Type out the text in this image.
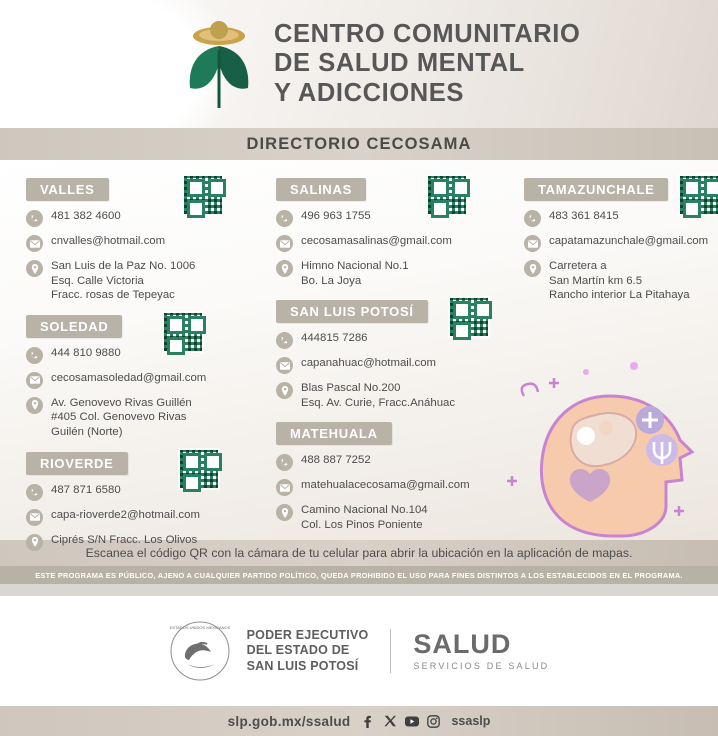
CENTRO COMUNITARIO
DE SALUD MENTAL
Y ADICCIONES
DIRECTORIO CECOSAMA
VALLES
481 382 4600
cnvalles@hotmail.com
San Luis de la Paz No. 1006
Esq. Calle Victoria
Fracc. rosas de Tepeyac
SOLEDAD
444 810 9880
cecosamasoledad@gmail.com
Av. Genovevo Rivas Guillén
#405 Col. Genovevo Rivas
Guilén (Norte)
RIOVERDE
487 871 6580
capa-rioverde2@hotmail.com
Ciprés S/N Fracc. Los Olivos
SALINAS
496 963 1755
cecosamasalinas@gmail.com
Himno Nacional No.1
Bo. La Joya
SAN LUIS POTOSÍ
444815 7286
capanahuac@hotmail.com
Blas Pascal No.200
Esq. Av. Curie, Fracc.Anáhuac
MATEHUALA
488 887 7252
matehualacecosama@gmail.com
Camino Nacional No.104
Col. Los Pinos Poniente
TAMAZUNCHALE
483 361 8415
capatamazunchale@gmail.com
Carretera a
San Martín km 6.5
Rancho interior La Pitahaya
Escanea el código QR con la cámara de tu celular para abrir la ubicación en la aplicación de mapas.
ESTE PROGRAMA ES PÚBLICO, AJENO A CUALQUIER PARTIDO POLÍTICO, QUEDA PROHIBIDO EL USO PARA FINES DISTINTOS A LOS ESTABLECIDOS EN EL PROGRAMA.
ESTADOS UNIDOS MEXICANOS
PODER EJECUTIVO
DEL ESTADO DE
SAN LUIS POTOSÍ
SALUD
SERVICIOS DE SALUD
slp.gob.mx/ssalud	ssaslp
